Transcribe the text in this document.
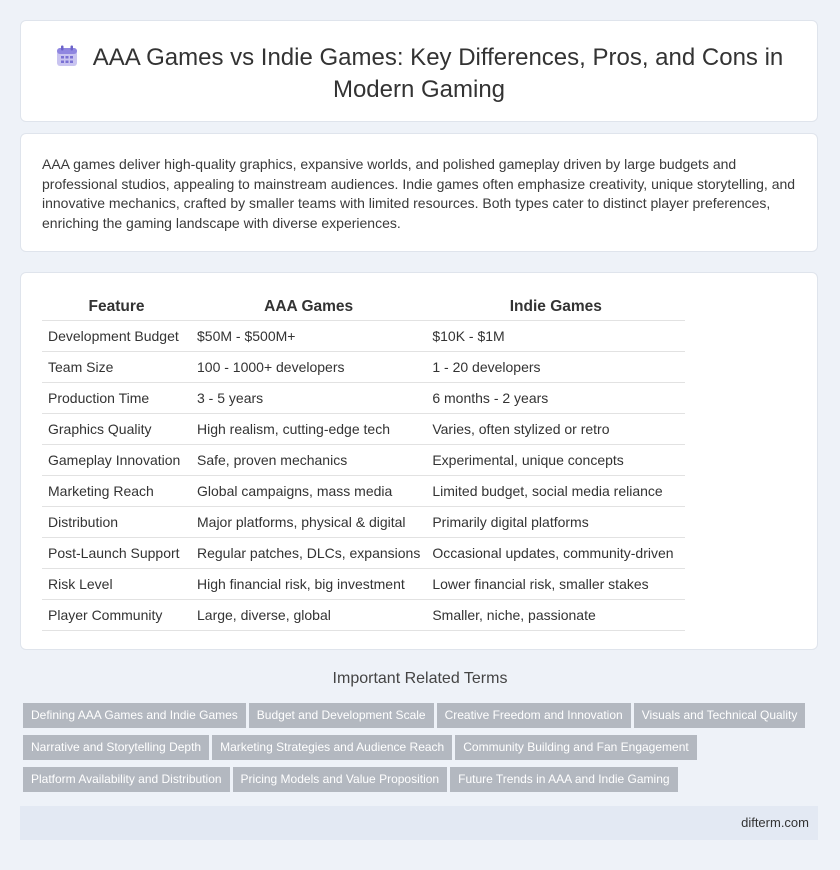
AAA Games vs Indie Games: Key Differences, Pros, and Cons in
Modern Gaming

AAA games deliver high-quality graphics, expansive worlds, and polished gameplay driven by large budgets and professional studios, appealing to mainstream audiences. Indie games often emphasize creativity, unique storytelling, and innovative mechanics, crafted by smaller teams with limited resources. Both types cater to distinct player preferences, enriching the gaming landscape with diverse experiences.

Feature	AAA Games	Indie Games
Development Budget	$50M - $500M+	$10K - $1M
Team Size	100 - 1000+ developers	1 - 20 developers
Production Time	3 - 5 years	6 months - 2 years
Graphics Quality	High realism, cutting-edge tech	Varies, often stylized or retro
Gameplay Innovation	Safe, proven mechanics	Experimental, unique concepts
Marketing Reach	Global campaigns, mass media	Limited budget, social media reliance
Distribution	Major platforms, physical & digital	Primarily digital platforms
Post-Launch Support	Regular patches, DLCs, expansions	Occasional updates, community-driven
Risk Level	High financial risk, big investment	Lower financial risk, smaller stakes
Player Community	Large, diverse, global	Smaller, niche, passionate
Important Related Terms
Defining AAA Games and Indie Games Budget and Development Scale Creative Freedom and Innovation Visuals and Technical Quality
Narrative and Storytelling Depth Marketing Strategies and Audience Reach Community Building and Fan Engagement
Platform Availability and Distribution Pricing Models and Value Proposition Future Trends in AAA and Indie Gaming
difterm.com
